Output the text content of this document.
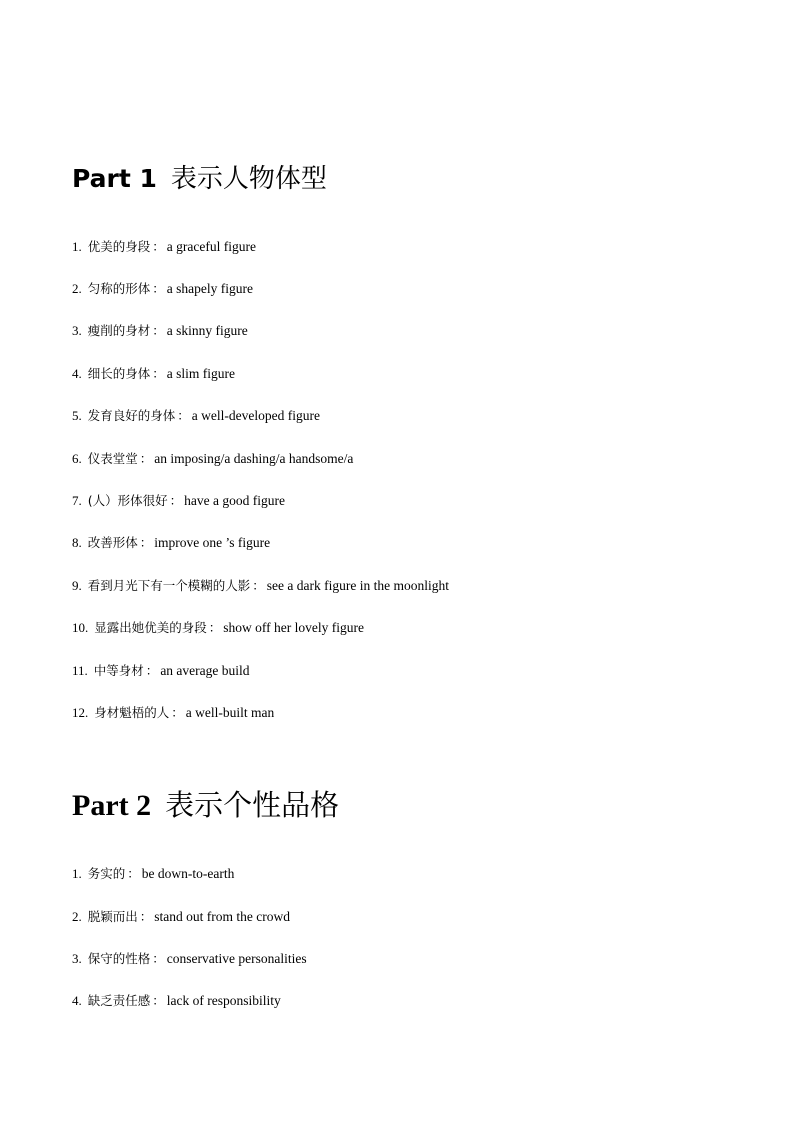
Part 1 表示人物体型

1. 优美的身段 ： a graceful figure

2. 匀称的形体 ： a shapely figure

3. 瘦削的身材 ： a skinny figure

4. 细长的身体 ： a slim figure

5. 发育良好的身体 ： a well-developed figure

6. 仪表堂堂 ： an imposing/a dashing/a handsome/a

7. (人）形体很好 ： have a good figure

8. 改善形体 ： improve one ’s figure

9. 看到月光下有一个模糊的人影 ： see a dark figure in the moonlight

10. 显露出她优美的身段 ： show off her lovely figure

11. 中等身材 ： an average build

12. 身材魁梧的人 ： a well-built man

Part 2 表示个性品格

1. 务实的 ： be down-to-earth

2. 脱颖而出 ： stand out from the crowd

3. 保守的性格 ： conservative personalities

4. 缺乏责任感 ： lack of responsibility
